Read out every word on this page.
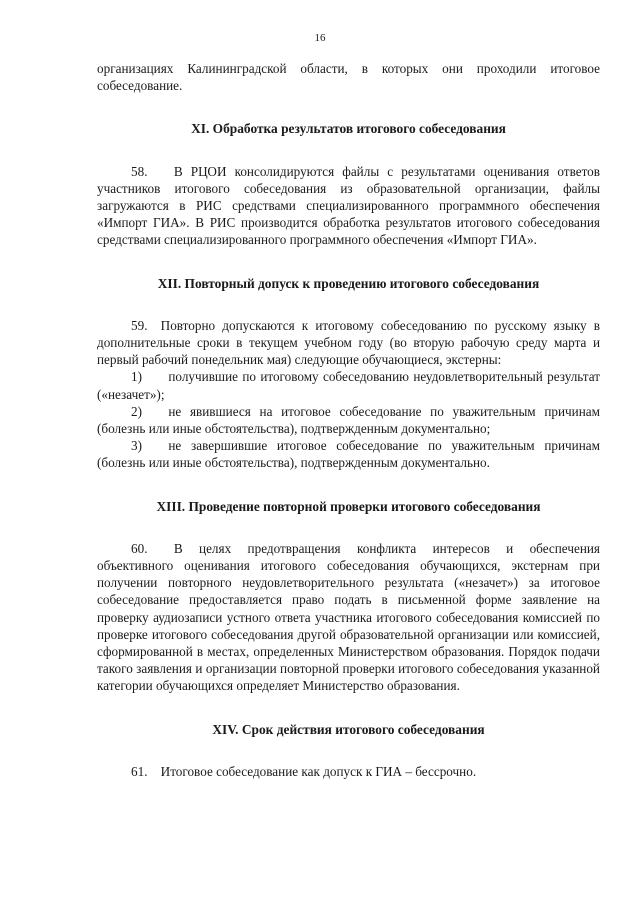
16

организациях Калининградской области, в которых они проходили итоговое собеседование.

XI. Обработка результатов итогового собеседования

58.  В РЦОИ консолидируются файлы с результатами оценивания ответов участников итогового собеседования из образовательной организации, файлы загружаются в РИС средствами специализированного программного обеспечения «Импорт ГИА». В РИС производится обработка результатов итогового собеседования средствами специализированного программного обеспечения «Импорт ГИА».

XII. Повторный допуск к проведению итогового собеседования

59. Повторно допускаются к итоговому собеседованию по русскому языку в дополнительные сроки в текущем учебном году (во вторую рабочую среду марта и первый рабочий понедельник мая) следующие обучающиеся, экстерны:

1)  получившие по итоговому собеседованию неудовлетворительный результат («незачет»);

2)  не явившиеся на итоговое собеседование по уважительным причинам (болезнь или иные обстоятельства), подтвержденным документально;

3)  не завершившие итоговое собеседование по уважительным причинам (болезнь или иные обстоятельства), подтвержденным документально.

XIII. Проведение повторной проверки итогового собеседования

60.  В целях предотвращения конфликта интересов и обеспечения объективного оценивания итогового собеседования обучающихся, экстернам при получении повторного неудовлетворительного результата («незачет») за итоговое собеседование предоставляется право подать в письменной форме заявление на проверку аудиозаписи устного ответа участника итогового собеседования комиссией по проверке итогового собеседования другой образовательной организации или комиссией, сформированной в местах, определенных Министерством образования. Порядок подачи такого заявления и организации повторной проверки итогового собеседования указанной категории обучающихся определяет Министерство образования.

XIV. Срок действия итогового собеседования

61. Итоговое собеседование как допуск к ГИА – бессрочно.
